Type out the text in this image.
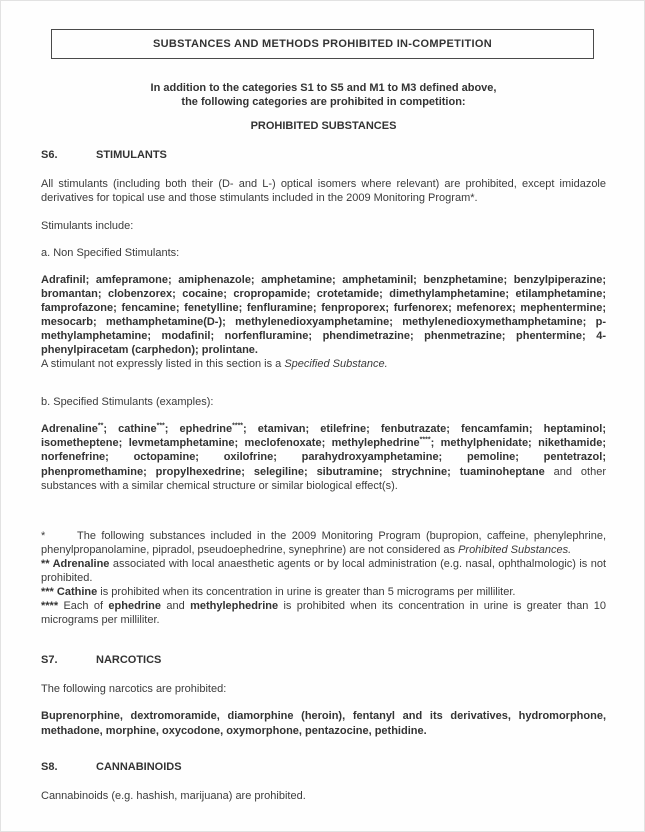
SUBSTANCES AND METHODS PROHIBITED IN-COMPETITION
In addition to the categories S1 to S5 and M1 to M3 defined above,
the following categories are prohibited in competition:
PROHIBITED SUBSTANCES
S6.	STIMULANTS

All stimulants (including both their (D- and L-) optical isomers where relevant) are prohibited, except imidazole derivatives for topical use and those stimulants included in the 2009 Monitoring Program*.

Stimulants include:

a. Non Specified Stimulants:

Adrafinil; amfepramone; amiphenazole; amphetamine; amphetaminil; benzphetamine; benzylpiperazine; bromantan; clobenzorex; cocaine; cropropamide; crotetamide; dimethylamphetamine; etilamphetamine; famprofazone; fencamine; fenetylline; fenfluramine; fenproporex; furfenorex; mefenorex; mephentermine; mesocarb; methamphetamine(D-); methylenedioxyamphetamine; methylenedioxymethamphetamine; p-methylamphetamine; modafinil; norfenfluramine; phendimetrazine; phenmetrazine; phentermine; 4-phenylpiracetam (carphedon); prolintane.

A stimulant not expressly listed in this section is a Specified Substance.

b. Specified Stimulants (examples):

Adrenaline**; cathine***; ephedrine****; etamivan; etilefrine; fenbutrazate; fencamfamin; heptaminol; isometheptene; levmetamphetamine; meclofenoxate; methylephedrine****; methylphenidate; nikethamide; norfenefrine; octopamine; oxilofrine; parahydroxyamphetamine; pemoline; pentetrazol; phenpromethamine; propylhexedrine; selegiline; sibutramine; strychnine; tuaminoheptane and other substances with a similar chemical structure or similar biological effect(s).

*	The following substances included in the 2009 Monitoring Program (bupropion, caffeine, phenylephrine, phenylpropanolamine, pipradol, pseudoephedrine, synephrine) are not considered as Prohibited Substances.

** Adrenaline associated with local anaesthetic agents or by local administration (e.g. nasal, ophthalmologic) is not prohibited.

*** Cathine is prohibited when its concentration in urine is greater than 5 micrograms per milliliter.

**** Each of ephedrine and methylephedrine is prohibited when its concentration in urine is greater than 10 micrograms per milliliter.

S7.	NARCOTICS

The following narcotics are prohibited:

Buprenorphine, dextromoramide, diamorphine (heroin), fentanyl and its derivatives, hydromorphone, methadone, morphine, oxycodone, oxymorphone, pentazocine, pethidine.

S8.	CANNABINOIDS

Cannabinoids (e.g. hashish, marijuana) are prohibited.
